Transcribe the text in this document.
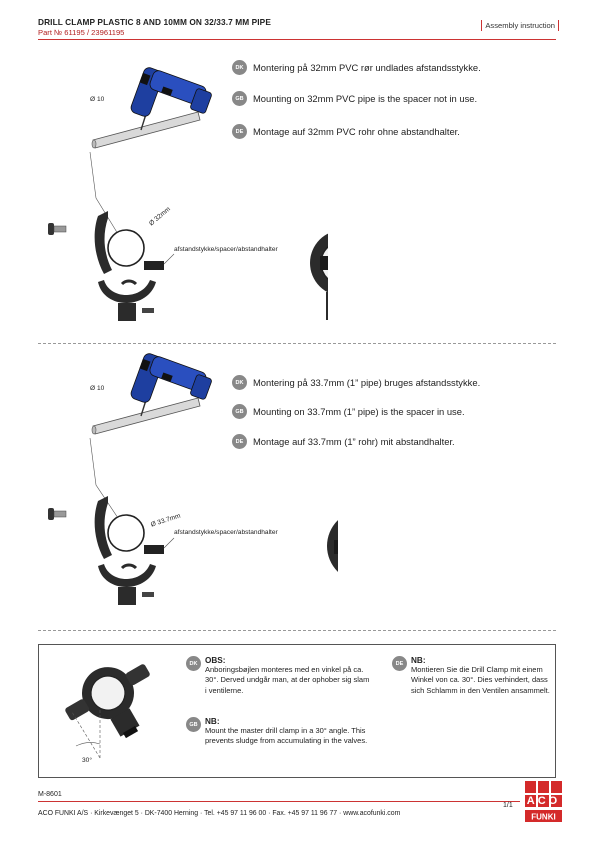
DRILL CLAMP PLASTIC 8 AND 10MM ON 32/33.7 MM PIPE
Part № 61195 / 23961195
Assembly instruction
Ø 10
Ø 32mm
afstandstykke/spacer/abstandhalter
DK	Montering på 32mm PVC rør undlades afstandsstykke.
GB Mounting on 32mm PVC pipe is the spacer not in use.
DE	Montage auf 32mm PVC rohr ohne abstandhalter.
Ø 10
Ø 33.7mm
afstandstykke/spacer/abstandhalter
DK	Montering på 33.7mm (1” pipe) bruges afstandsstykke.
GB Mounting on 33.7mm (1” pipe) is the spacer in use.
DE	Montage auf 33.7mm (1” rohr) mit abstandhalter.
30°
DK OBS:
Anboringsbøjlen monteres med en vinkel på ca. 30°. Derved undgår man, at der ophober sig slam i ventilerne.
GB NB:
Mount the master drill clamp in a 30° angle. This prevents sludge from accumulating in the valves.
DE NB:
Montieren Sie die Drill Clamp mit einem Winkel von ca. 30°. Dies verhindert, dass sich Schlamm in den Ventilen ansammelt.
M-8601
ACO FUNKI A/S · Kirkevænget 5 · DK-7400 Herning · Tel. +45 97 11 96 00 · Fax. +45 97 11 96 77 · www.acofunki.com
1/1 ACO
FUNKI
